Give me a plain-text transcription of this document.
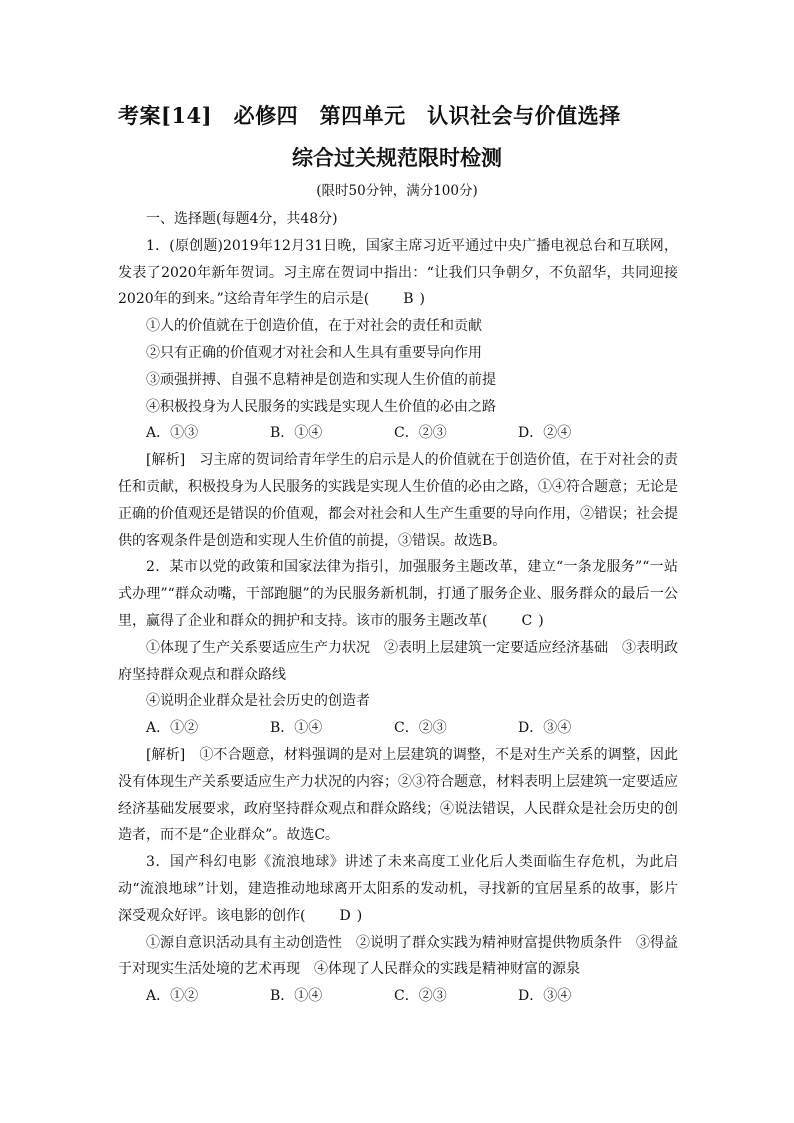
考案[14]　必修四　第四单元　认识社会与价值选择
综合过关规范限时检测
(限时50分钟，满分100分)

一、选择题(每题4分，共48分)

1．(原创题)2019年12月31日晚，国家主席习近平通过中央广播电视总台和互联网，发表了2020年新年贺词。习主席在贺词中指出：“让我们只争朝夕，不负韶华，共同迎接2020年的到来。”这给青年学生的启示是( B )

①人的价值就在于创造价值，在于对社会的责任和贡献

②只有正确的价值观才对社会和人生具有重要导向作用

③顽强拼搏、自强不息精神是创造和实现人生价值的前提

④积极投身为人民服务的实践是实现人生价值的必由之路

A．①③	B．①④	C．②③	D．②④

[解析]　习主席的贺词给青年学生的启示是人的价值就在于创造价值，在于对社会的责任和贡献，积极投身为人民服务的实践是实现人生价值的必由之路，①④符合题意；无论是正确的价值观还是错误的价值观，都会对社会和人生产生重要的导向作用，②错误；社会提供的客观条件是创造和实现人生价值的前提，③错误。故选B。

2．某市以党的政策和国家法律为指引，加强服务主题改革，建立“一条龙服务”“一站式办理”“群众动嘴，干部跑腿”的为民服务新机制，打通了服务企业、服务群众的最后一公里，赢得了企业和群众的拥护和支持。该市的服务主题改革( C )

①体现了生产关系要适应生产力状况　②表明上层建筑一定要适应经济基础　③表明政府坚持群众观点和群众路线

④说明企业群众是社会历史的创造者

A．①②	B．①④	C．②③	D．③④

[解析]　①不合题意，材料强调的是对上层建筑的调整，不是对生产关系的调整，因此没有体现生产关系要适应生产力状况的内容；②③符合题意，材料表明上层建筑一定要适应经济基础发展要求，政府坚持群众观点和群众路线；④说法错误，人民群众是社会历史的创造者，而不是“企业群众”。故选C。

3．国产科幻电影《流浪地球》讲述了未来高度工业化后人类面临生存危机，为此启动“流浪地球”计划，建造推动地球离开太阳系的发动机，寻找新的宜居星系的故事，影片深受观众好评。该电影的创作( D )

①源自意识活动具有主动创造性　②说明了群众实践为精神财富提供物质条件　③得益于对现实生活处境的艺术再现　④体现了人民群众的实践是精神财富的源泉

A．①②	B．①④	C．②③	D．③④
